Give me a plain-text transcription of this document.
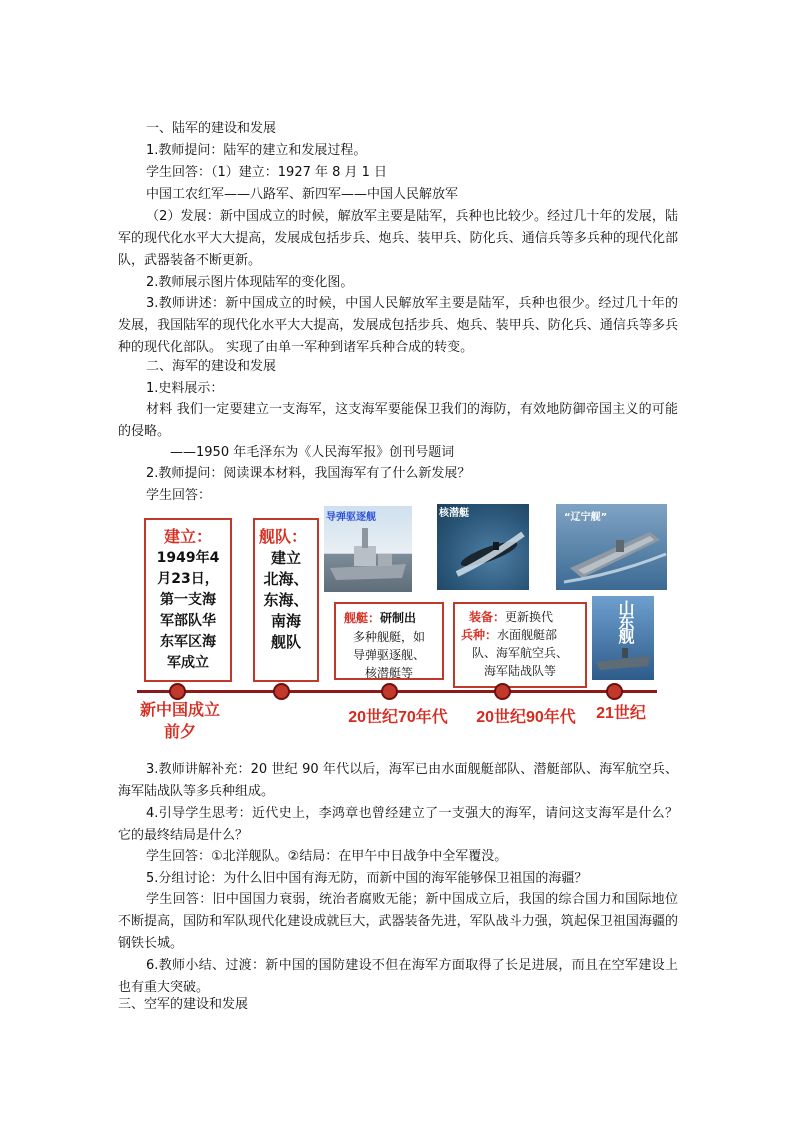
一、陆军的建设和发展
1.教师提问：陆军的建立和发展过程。
学生回答：（1）建立：1927 年 8 月 1 日
中国工农红军——八路军、新四军——中国人民解放军
（2）发展：新中国成立的时候，解放军主要是陆军，兵种也比较少。经过几十年的发展，陆军的现代化水平大大提高，发展成包括步兵、炮兵、装甲兵、防化兵、通信兵等多兵种的现代化部队，武器装备不断更新。
2.教师展示图片体现陆军的变化图。
3.教师讲述：新中国成立的时候，中国人民解放军主要是陆军，兵种也很少。经过几十年的发展，我国陆军的现代化水平大大提高，发展成包括步兵、炮兵、装甲兵、防化兵、通信兵等多兵种的现代化部队。 实现了由单一军种到诸军兵种合成的转变。
二、海军的建设和发展
1.史料展示：
材料 我们一定要建立一支海军，这支海军要能保卫我们的海防，有效地防御帝国主义的可能的侵略。
——1950 年毛泽东为《人民海军报》创刊号题词
2.教师提问：阅读课本材料，我国海军有了什么新发展？
学生回答：
建立：
1949年4
月23日，
第一支海
军部队华
东军区海
军成立
舰队：
建立
北海、
东海、
南海
舰队
舰艇：研制出
多种舰艇，如
导弹驱逐舰、
核潜艇等
装备：更新换代
兵种：水面舰艇部
队、海军航空兵、
海军陆战队等
导弹驱逐舰	核潜艇	“辽宁舰”
山东舰
新中国成立
前夕
20世纪70年代	20世纪90年代	21世纪
3.教师讲解补充：20 世纪 90 年代以后，海军已由水面舰艇部队、潜艇部队、海军航空兵、海军陆战队等多兵种组成。
4.引导学生思考：近代史上，李鸿章也曾经建立了一支强大的海军，请问这支海军是什么？它的最终结局是什么？
学生回答：①北洋舰队。②结局：在甲午中日战争中全军覆没。
5.分组讨论：为什么旧中国有海无防，而新中国的海军能够保卫祖国的海疆？
学生回答：旧中国国力衰弱，统治者腐败无能；新中国成立后，我国的综合国力和国际地位不断提高，国防和军队现代化建设成就巨大，武器装备先进，军队战斗力强，筑起保卫祖国海疆的钢铁长城。
6.教师小结、过渡：新中国的国防建设不但在海军方面取得了长足进展，而且在空军建设上也有重大突破。
三、空军的建设和发展
